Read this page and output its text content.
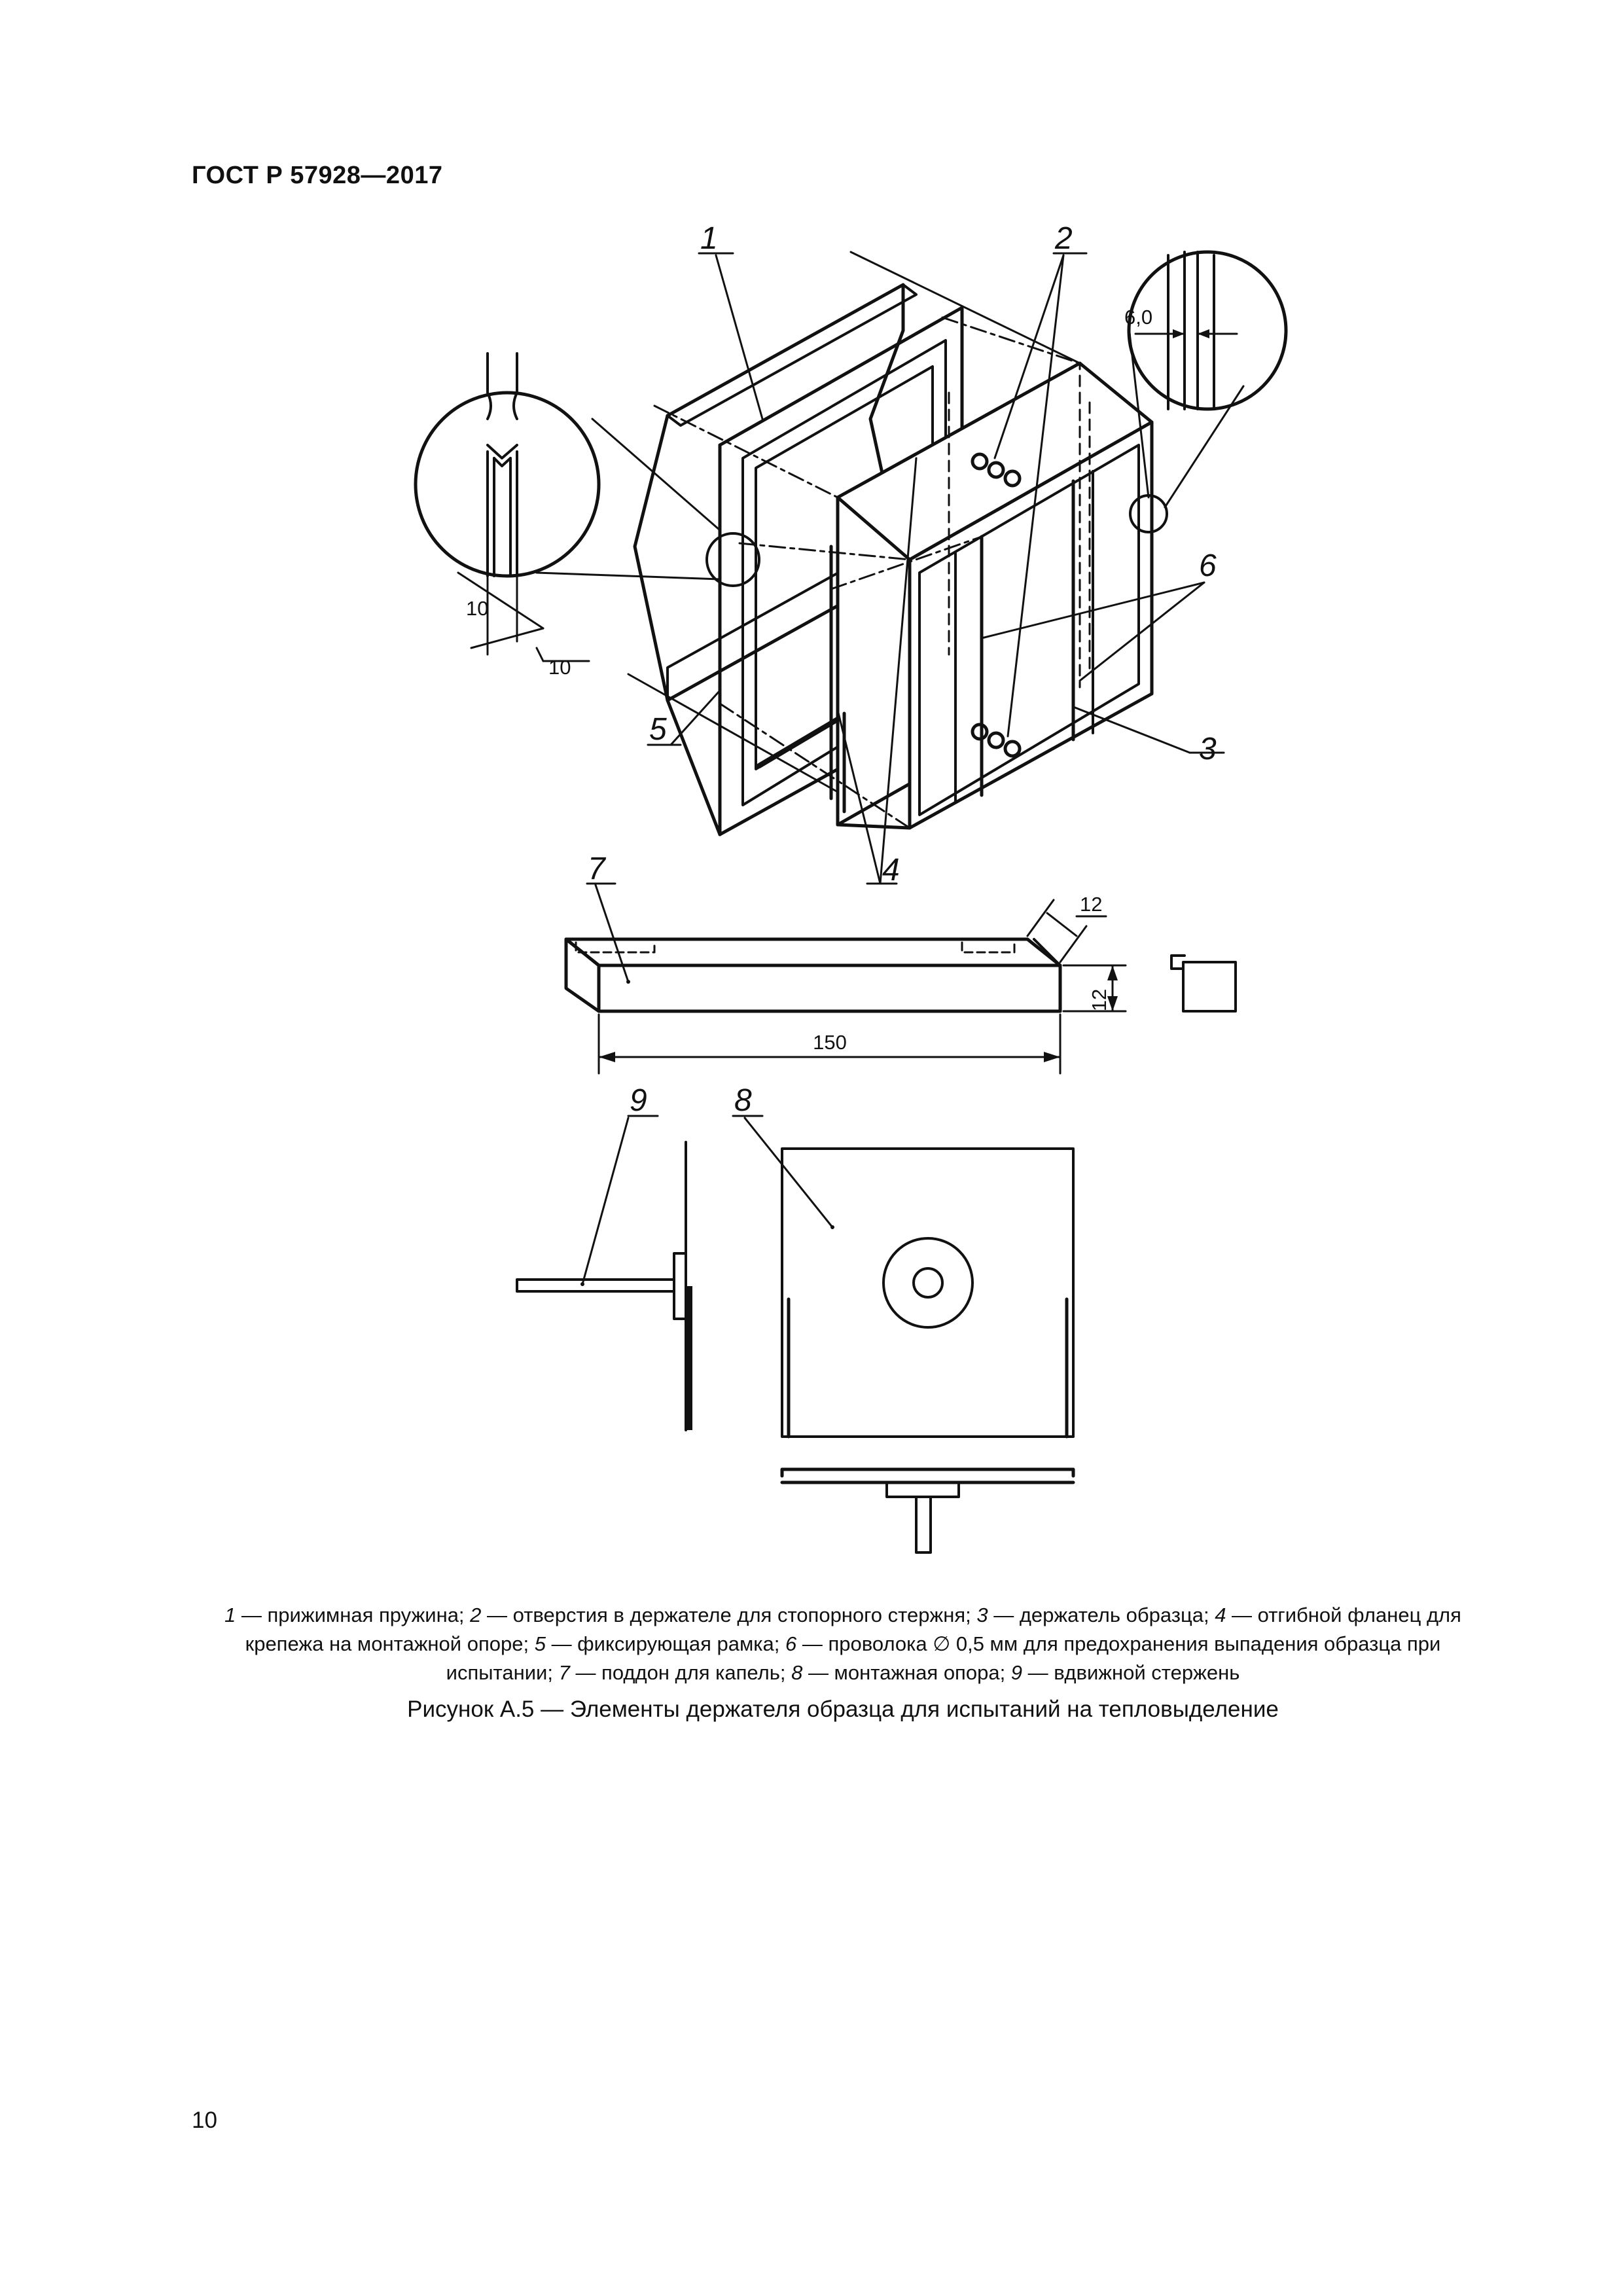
ГОСТ Р 57928—2017
1	2
3
4
5
6
7
8
9
6,0
10
10
12
12
150
1 — прижимная пружина; 2 — отверстия в держателе для стопорного стержня; 3 — держатель образца; 4 — отгибной фланец для крепежа на монтажной опоре; 5 — фиксирующая рамка; 6 — проволока ∅ 0,5 мм для предохранения выпадения образца при испытании; 7 — поддон для капель; 8 — монтажная опора; 9 — вдвижной стержень
Рисунок А.5 — Элементы держателя образца для испытаний на тепловыделение
10
